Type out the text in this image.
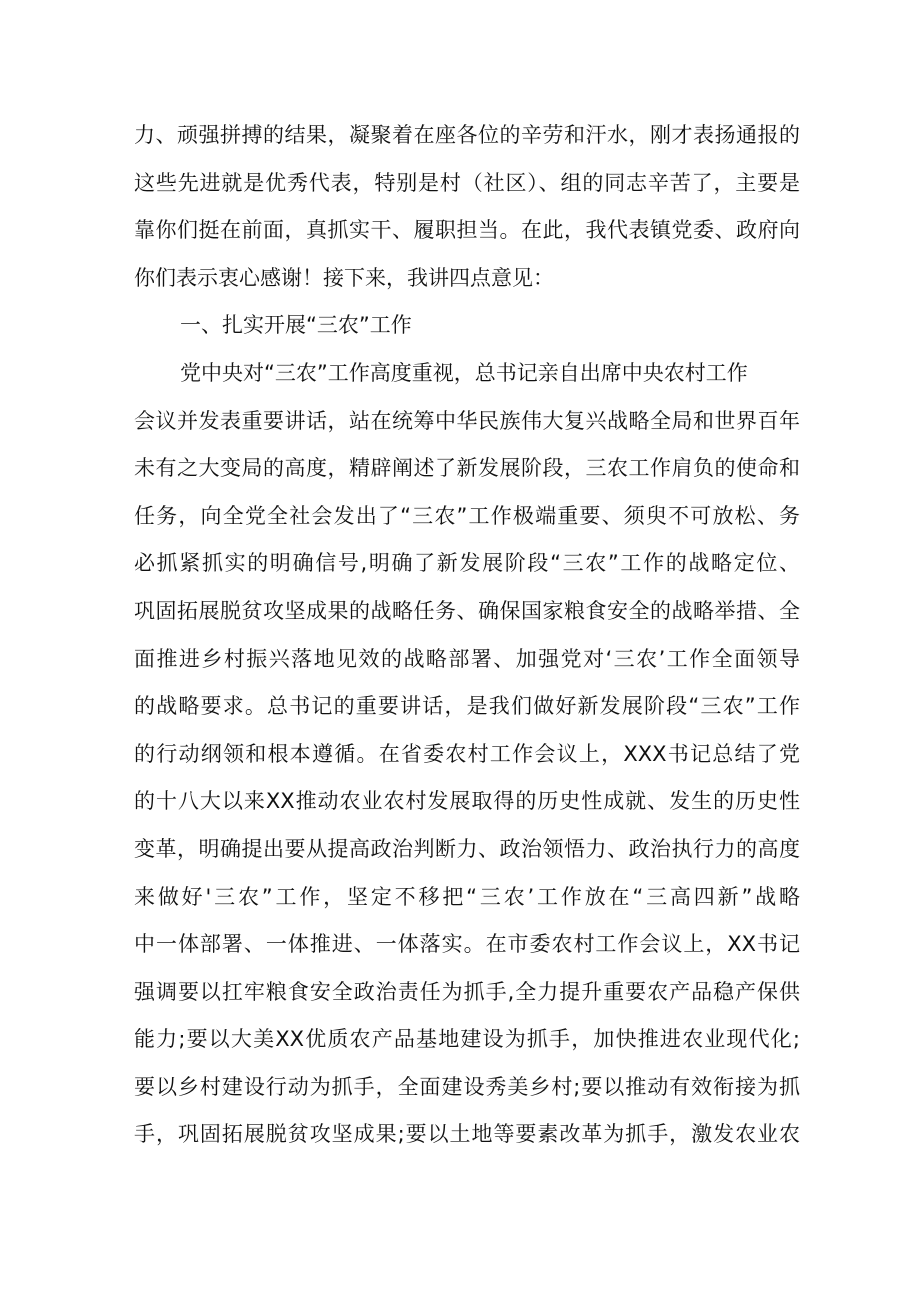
力、顽强拼搏的结果，凝聚着在座各位的辛劳和汗水，刚才表扬通报的
这些先进就是优秀代表，特别是村（社区）、组的同志辛苦了，主要是
靠你们挺在前面，真抓实干、履职担当。在此，我代表镇党委、政府向
你们表示衷心感谢！接下来，我讲四点意见：
一、扎实开展“三农”工作
党中央对“三农”工作高度重视，总书记亲自出席中央农村工作
会议并发表重要讲话，站在统筹中华民族伟大复兴战略全局和世界百年
未有之大变局的高度，精辟阐述了新发展阶段，三农工作肩负的使命和
任务，向全党全社会发出了“三农”工作极端重要、须臾不可放松、务
必抓紧抓实的明确信号,明确了新发展阶段“三农”工作的战略定位、
巩固拓展脱贫攻坚成果的战略任务、确保国家粮食安全的战略举措、全
面推进乡村振兴落地见效的战略部署、加强党对‘三农’工作全面领导
的战略要求。总书记的重要讲话，是我们做好新发展阶段“三农”工作
的行动纲领和根本遵循。在省委农村工作会议上，XXX书记总结了党
的十八大以来XX推动农业农村发展取得的历史性成就、发生的历史性
变革，明确提出要从提高政治判断力、政治领悟力、政治执行力的高度
来做好'三农”工作，坚定不移把“三农’工作放在“三高四新”战略
中一体部署、一体推进、一体落实。在市委农村工作会议上，XX书记
强调要以扛牢粮食安全政治责任为抓手,全力提升重要农产品稳产保供
能力;要以大美XX优质农产品基地建设为抓手，加快推进农业现代化;
要以乡村建设行动为抓手，全面建设秀美乡村;要以推动有效衔接为抓
手，巩固拓展脱贫攻坚成果;要以土地等要素改革为抓手，激发农业农
